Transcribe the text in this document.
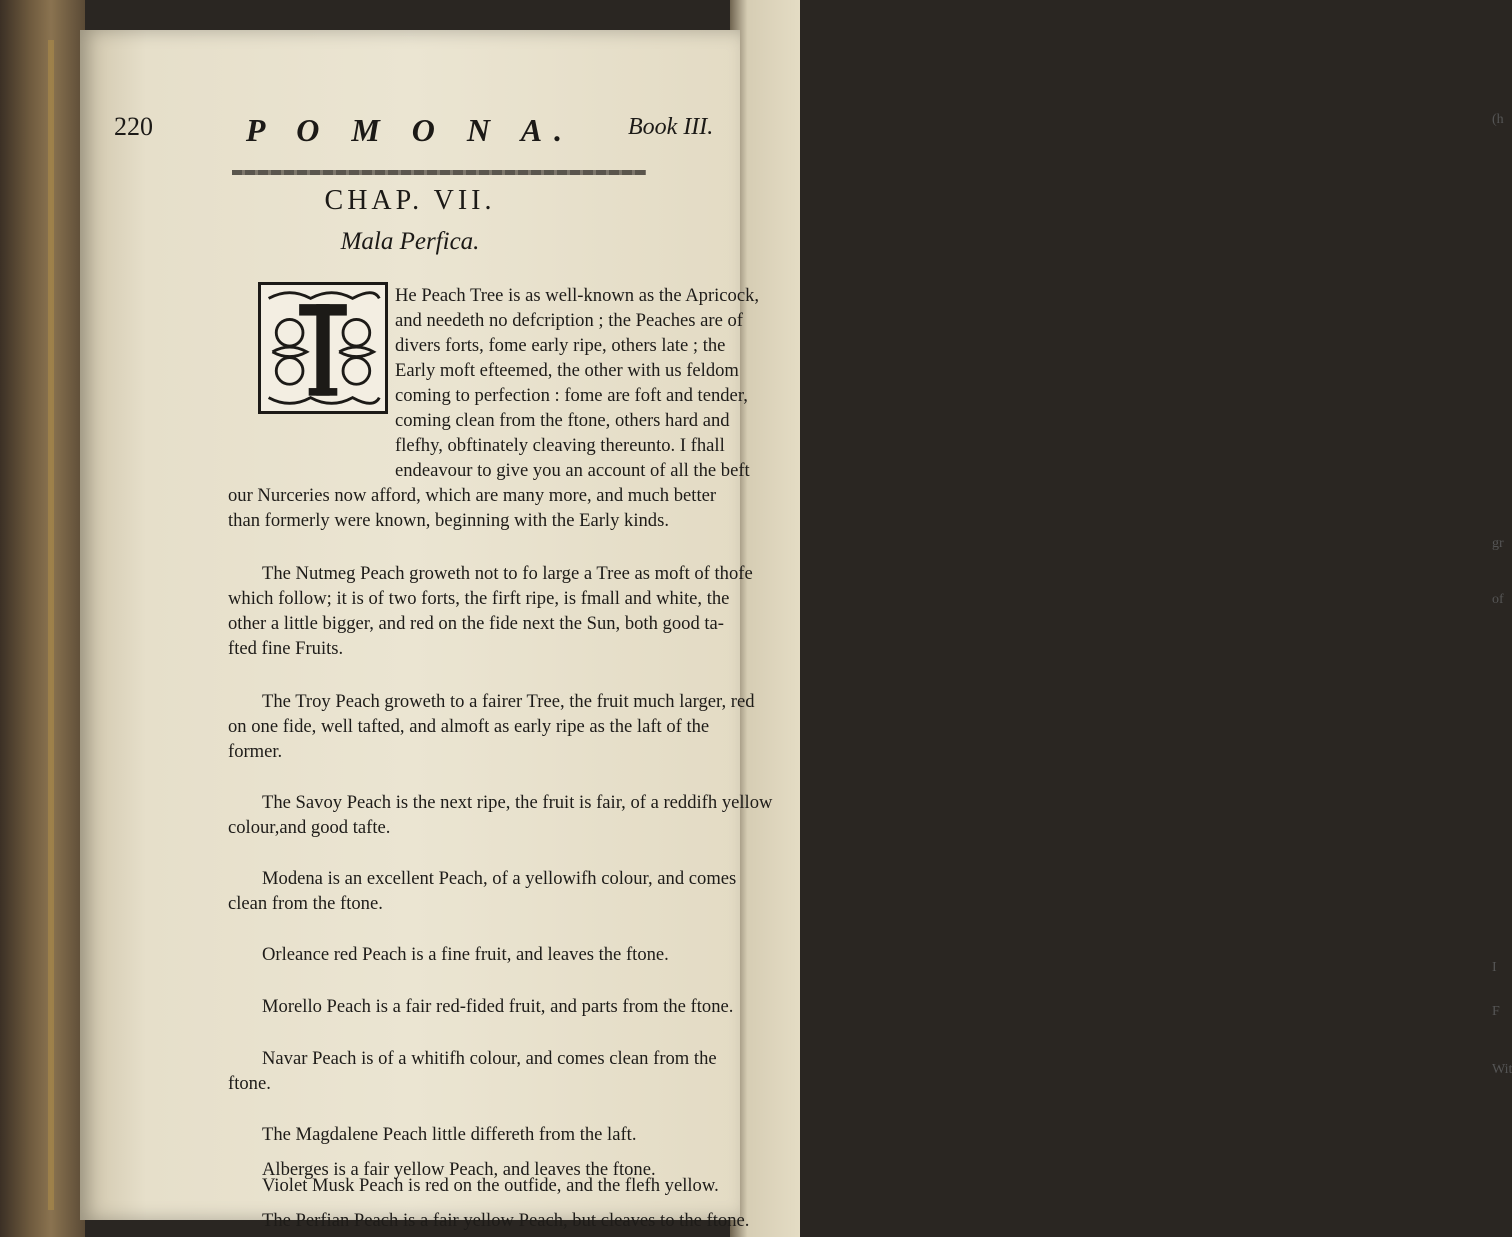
(h
gr
of
I
F
Wit
220	P O M O N A.	Book III.
CHAP. VII.
Mala Perfica.
He Peach Tree is as well-known as the Apricock,
and needeth no defcription ; the Peaches are of
divers forts, fome early ripe, others late ; the
Early moft efteemed, the other with us feldom
coming to perfection : fome are foft and tender,
coming clean from the ftone, others hard and
flefhy, obftinately cleaving thereunto. I fhall
endeavour to give you an account of all the beft
our Nurceries now afford, which are many more, and much better
than formerly were known, beginning with the Early kinds.
The Nutmeg Peach groweth not to fo large a Tree as moft of thofe
which follow; it is of two forts, the firft ripe, is fmall and white, the
other a little bigger, and red on the fide next the Sun, both good ta-
fted fine Fruits.
The Troy Peach groweth to a fairer Tree, the fruit much larger, red
on one fide, well tafted, and almoft as early ripe as the laft of the
former.
The Savoy Peach is the next ripe, the fruit is fair, of a reddifh yellow
colour,and good tafte.
Modena is an excellent Peach, of a yellowifh colour, and comes
clean from the ftone.
Orleance red Peach is a fine fruit, and leaves the ftone.
Morello Peach is a fair red-fided fruit, and parts from the ftone.
Navar Peach is of a whitifh colour, and comes clean from the
ftone.
The Magdalene Peach little differeth from the laft.
Alberges is a fair yellow Peach, and leaves the ftone.
Violet Musk Peach is red on the outfide, and the flefh yellow.
The Perfian Peach is a fair yellow Peach, but cleaves to the ftone.
